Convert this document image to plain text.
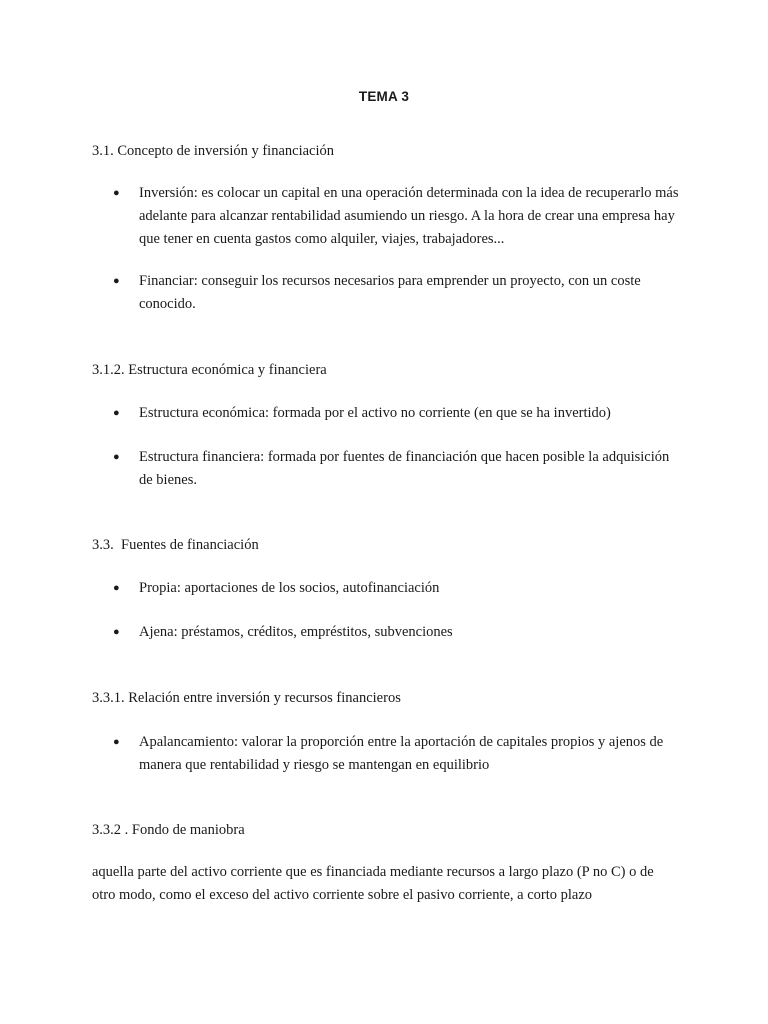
TEMA 3
3.1. Concepto de inversión y financiación
● Inversión: es colocar un capital en una operación determinada con la idea de recuperarlo más adelante para alcanzar rentabilidad asumiendo un riesgo. A la hora de crear una empresa hay que tener en cuenta gastos como alquiler, viajes, trabajadores...
● Financiar: conseguir los recursos necesarios para emprender un proyecto, con un coste conocido.
3.1.2. Estructura económica y financiera
● Estructura económica: formada por el activo no corriente (en que se ha invertido)
● Estructura financiera: formada por fuentes de financiación que hacen posible la adquisición de bienes.
3.3.  Fuentes de financiación
● Propia: aportaciones de los socios, autofinanciación
● Ajena: préstamos, créditos, empréstitos, subvenciones
3.3.1. Relación entre inversión y recursos financieros
● Apalancamiento: valorar la proporción entre la aportación de capitales propios y ajenos de manera que rentabilidad y riesgo se mantengan en equilibrio
3.3.2 . Fondo de maniobra
aquella parte del activo corriente que es financiada mediante recursos a largo plazo (P no C) o de otro modo, como el exceso del activo corriente sobre el pasivo corriente, a corto plazo
